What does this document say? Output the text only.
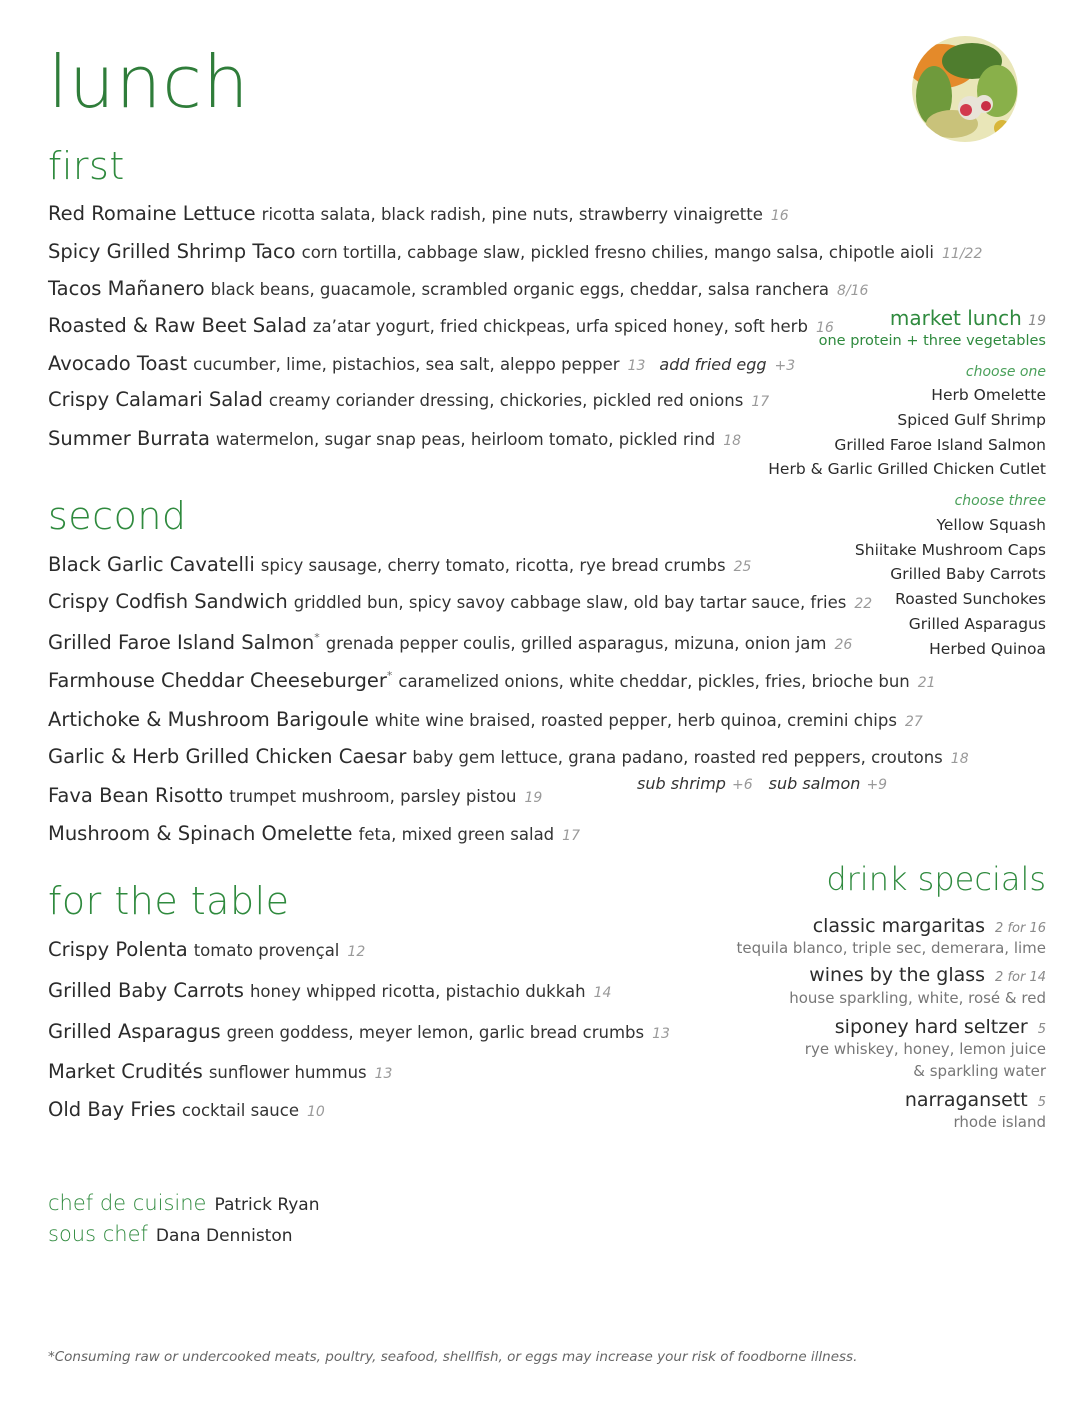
lunch
first
Red Romaine Lettuce ricotta salata, black radish, pine nuts, strawberry vinaigrette 16
Spicy Grilled Shrimp Taco corn tortilla, cabbage slaw, pickled fresno chilies, mango salsa, chipotle aioli 11/22
Tacos Mañanero black beans, guacamole, scrambled organic eggs, cheddar, salsa ranchera 8/16
Roasted & Raw Beet Salad za’atar yogurt, fried chickpeas, urfa spiced honey, soft herb 16
Avocado Toast cucumber, lime, pistachios, sea salt, aleppo pepper 13 add fried egg +3
Crispy Calamari Salad creamy coriander dressing, chickories, pickled red onions 17
Summer Burrata watermelon, sugar snap peas, heirloom tomato, pickled rind 18
market lunch 19
one protein + three vegetables
choose one
Herb Omelette
Spiced Gulf Shrimp
Grilled Faroe Island Salmon
Herb & Garlic Grilled Chicken Cutlet
choose three
Yellow Squash
Shiitake Mushroom Caps
Grilled Baby Carrots
Roasted Sunchokes
Grilled Asparagus
Herbed Quinoa
second
Black Garlic Cavatelli spicy sausage, cherry tomato, ricotta, rye bread crumbs 25
Crispy Codfish Sandwich griddled bun, spicy savoy cabbage slaw, old bay tartar sauce, fries 22
Grilled Faroe Island Salmon* grenada pepper coulis, grilled asparagus, mizuna, onion jam 26
Farmhouse Cheddar Cheeseburger* caramelized onions, white cheddar, pickles, fries, brioche bun 21
Artichoke & Mushroom Barigoule white wine braised, roasted pepper, herb quinoa, cremini chips 27
Garlic & Herb Grilled Chicken Caesar baby gem lettuce, grana padano, roasted red peppers, croutons 18
sub shrimp +6 sub salmon +9
Fava Bean Risotto trumpet mushroom, parsley pistou 19
Mushroom & Spinach Omelette feta, mixed green salad 17
for the table
Crispy Polenta tomato provençal 12
Grilled Baby Carrots honey whipped ricotta, pistachio dukkah 14
Grilled Asparagus green goddess, meyer lemon, garlic bread crumbs 13
Market Crudités sunflower hummus 13
Old Bay Fries cocktail sauce 10
drink specials
classic margaritas 2 for 16
tequila blanco, triple sec, demerara, lime
wines by the glass 2 for 14
house sparkling, white, rosé & red
siponey hard seltzer 5
rye whiskey, honey, lemon juice
& sparkling water
narragansett 5
rhode island
chef de cuisine Patrick Ryan
sous chef Dana Denniston
*Consuming raw or undercooked meats, poultry, seafood, shellfish, or eggs may increase your risk of foodborne illness.
